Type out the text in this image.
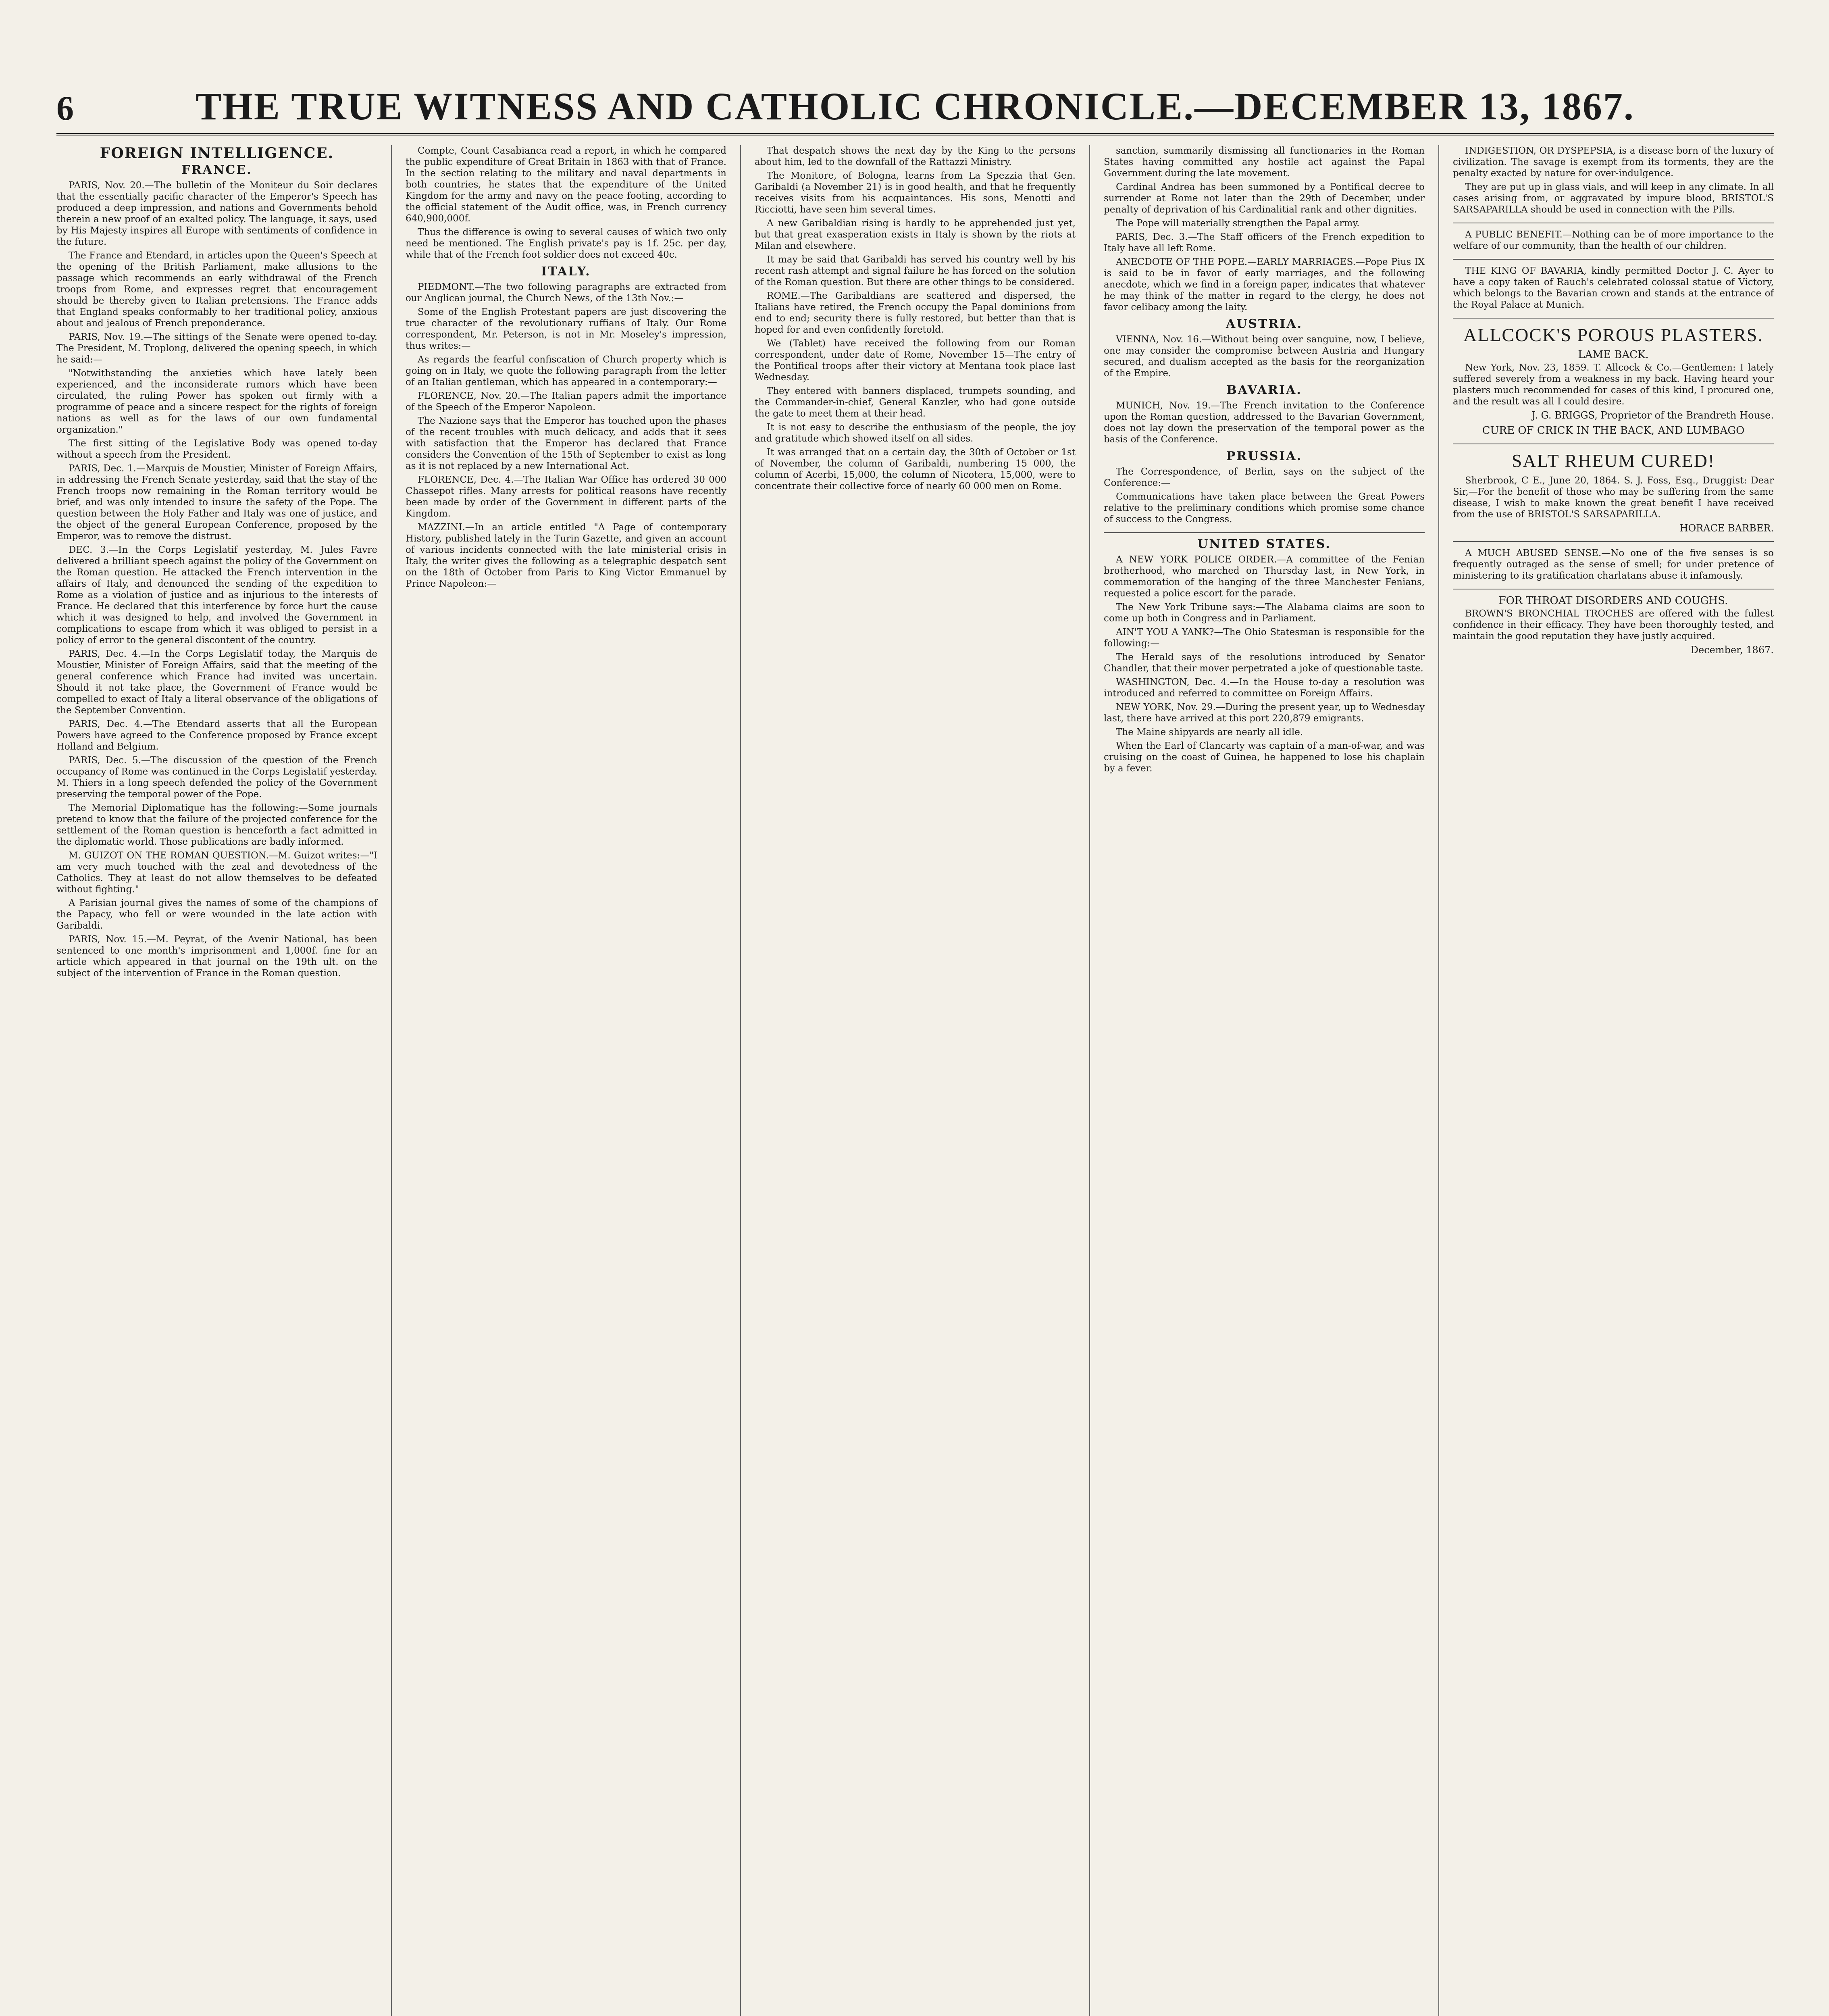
6	THE TRUE WITNESS AND CATHOLIC CHRONICLE.—DECEMBER 13, 1867.
FOREIGN INTELLIGENCE.
FRANCE.

PARIS, Nov. 20.—The bulletin of the Moniteur du Soir declares that the essentially pacific character of the Emperor's Speech has produced a deep impression, and nations and Governments behold therein a new proof of an exalted policy. The language, it says, used by His Majesty inspires all Europe with sentiments of confidence in the future.

The France and Etendard, in articles upon the Queen's Speech at the opening of the British Parliament, make allusions to the passage which recommends an early withdrawal of the French troops from Rome, and expresses regret that encouragement should be thereby given to Italian pretensions. The France adds that England speaks conformably to her traditional policy, anxious about and jealous of French preponderance.

PARIS, Nov. 19.—The sittings of the Senate were opened to-day. The President, M. Troplong, delivered the opening speech, in which he said:—

"Notwithstanding the anxieties which have lately been experienced, and the inconsiderate rumors which have been circulated, the ruling Power has spoken out firmly with a programme of peace and a sincere respect for the rights of foreign nations as well as for the laws of our own fundamental organization."

The first sitting of the Legislative Body was opened to-day without a speech from the President.

PARIS, Dec. 1.—Marquis de Moustier, Minister of Foreign Affairs, in addressing the French Senate yesterday, said that the stay of the French troops now remaining in the Roman territory would be brief, and was only intended to insure the safety of the Pope. The question between the Holy Father and Italy was one of justice, and the object of the general European Conference, proposed by the Emperor, was to remove the distrust.

DEC. 3.—In the Corps Legislatif yesterday, M. Jules Favre delivered a brilliant speech against the policy of the Government on the Roman question. He attacked the French intervention in the affairs of Italy, and denounced the sending of the expedition to Rome as a violation of justice and as injurious to the interests of France. He declared that this interference by force hurt the cause which it was designed to help, and involved the Government in complications to escape from which it was obliged to persist in a policy of error to the general discontent of the country.

PARIS, Dec. 4.—In the Corps Legislatif today, the Marquis de Moustier, Minister of Foreign Affairs, said that the meeting of the general conference which France had invited was uncertain. Should it not take place, the Government of France would be compelled to exact of Italy a literal observance of the obligations of the September Convention.

PARIS, Dec. 4.—The Etendard asserts that all the European Powers have agreed to the Conference proposed by France except Holland and Belgium.

PARIS, Dec. 5.—The discussion of the question of the French occupancy of Rome was continued in the Corps Legislatif yesterday. M. Thiers in a long speech defended the policy of the Government preserving the temporal power of the Pope.

The Memorial Diplomatique has the following:—Some journals pretend to know that the failure of the projected conference for the settlement of the Roman question is henceforth a fact admitted in the diplomatic world. Those publications are badly informed.

M. GUIZOT ON THE ROMAN QUESTION.—M. Guizot writes:—"I am very much touched with the zeal and devotedness of the Catholics. They at least do not allow themselves to be defeated without fighting."

A Parisian journal gives the names of some of the champions of the Papacy, who fell or were wounded in the late action with Garibaldi.

PARIS, Nov. 15.—M. Peyrat, of the Avenir National, has been sentenced to one month's imprisonment and 1,000f. fine for an article which appeared in that journal on the 19th ult. on the subject of the intervention of France in the Roman question.

Compte, Count Casabianca read a report, in which he compared the public expenditure of Great Britain in 1863 with that of France. In the section relating to the military and naval departments in both countries, he states that the expenditure of the United Kingdom for the army and navy on the peace footing, according to the official statement of the Audit office, was, in French currency 640,900,000f.

Thus the difference is owing to several causes of which two only need be mentioned. The English private's pay is 1f. 25c. per day, while that of the French foot soldier does not exceed 40c.

ITALY.

PIEDMONT.—The two following paragraphs are extracted from our Anglican journal, the Church News, of the 13th Nov.:—

Some of the English Protestant papers are just discovering the true character of the revolutionary ruffians of Italy. Our Rome correspondent, Mr. Peterson, is not in Mr. Moseley's impression, thus writes:—

As regards the fearful confiscation of Church property which is going on in Italy, we quote the following paragraph from the letter of an Italian gentleman, which has appeared in a contemporary:—

FLORENCE, Nov. 20.—The Italian papers admit the importance of the Speech of the Emperor Napoleon.

The Nazione says that the Emperor has touched upon the phases of the recent troubles with much delicacy, and adds that it sees with satisfaction that the Emperor has declared that France considers the Convention of the 15th of September to exist as long as it is not replaced by a new International Act.

FLORENCE, Dec. 4.—The Italian War Office has ordered 30 000 Chassepot rifles. Many arrests for political reasons have recently been made by order of the Government in different parts of the Kingdom.

MAZZINI.—In an article entitled "A Page of contemporary History, published lately in the Turin Gazette, and given an account of various incidents connected with the late ministerial crisis in Italy, the writer gives the following as a telegraphic despatch sent on the 18th of October from Paris to King Victor Emmanuel by Prince Napoleon:—

That despatch shows the next day by the King to the persons about him, led to the downfall of the Rattazzi Ministry.

The Monitore, of Bologna, learns from La Spezzia that Gen. Garibaldi (a November 21) is in good health, and that he frequently receives visits from his acquaintances. His sons, Menotti and Ricciotti, have seen him several times.

A new Garibaldian rising is hardly to be apprehended just yet, but that great exasperation exists in Italy is shown by the riots at Milan and elsewhere.

It may be said that Garibaldi has served his country well by his recent rash attempt and signal failure he has forced on the solution of the Roman question. But there are other things to be considered.

ROME.—The Garibaldians are scattered and dispersed, the Italians have retired, the French occupy the Papal dominions from end to end; security there is fully restored, but better than that is hoped for and even confidently foretold.

We (Tablet) have received the following from our Roman correspondent, under date of Rome, November 15—The entry of the Pontifical troops after their victory at Mentana took place last Wednesday.

They entered with banners displaced, trumpets sounding, and the Commander-in-chief, General Kanzler, who had gone outside the gate to meet them at their head.

It is not easy to describe the enthusiasm of the people, the joy and gratitude which showed itself on all sides.

It was arranged that on a certain day, the 30th of October or 1st of November, the column of Garibaldi, numbering 15 000, the column of Acerbi, 15,000, the column of Nicotera, 15,000, were to concentrate their collective force of nearly 60 000 men on Rome.

sanction, summarily dismissing all functionaries in the Roman States having committed any hostile act against the Papal Government during the late movement.

Cardinal Andrea has been summoned by a Pontifical decree to surrender at Rome not later than the 29th of December, under penalty of deprivation of his Cardinalitial rank and other dignities.

The Pope will materially strengthen the Papal army.

PARIS, Dec. 3.—The Staff officers of the French expedition to Italy have all left Rome.

ANECDOTE OF THE POPE.—EARLY MARRIAGES.—Pope Pius IX is said to be in favor of early marriages, and the following anecdote, which we find in a foreign paper, indicates that whatever he may think of the matter in regard to the clergy, he does not favor celibacy among the laity.

AUSTRIA.

VIENNA, Nov. 16.—Without being over sanguine, now, I believe, one may consider the compromise between Austria and Hungary secured, and dualism accepted as the basis for the reorganization of the Empire.

BAVARIA.

MUNICH, Nov. 19.—The French invitation to the Conference upon the Roman question, addressed to the Bavarian Government, does not lay down the preservation of the temporal power as the basis of the Conference.

PRUSSIA.

The Correspondence, of Berlin, says on the subject of the Conference:—

Communications have taken place between the Great Powers relative to the preliminary conditions which promise some chance of success to the Congress.

UNITED STATES.

A NEW YORK POLICE ORDER.—A committee of the Fenian brotherhood, who marched on Thursday last, in New York, in commemoration of the hanging of the three Manchester Fenians, requested a police escort for the parade.

The New York Tribune says:—The Alabama claims are soon to come up both in Congress and in Parliament.

AIN'T YOU A YANK?—The Ohio Statesman is responsible for the following:—

The Herald says of the resolutions introduced by Senator Chandler, that their mover perpetrated a joke of questionable taste.

WASHINGTON, Dec. 4.—In the House to-day a resolution was introduced and referred to committee on Foreign Affairs.

NEW YORK, Nov. 29.—During the present year, up to Wednesday last, there have arrived at this port 220,879 emigrants.

The Maine shipyards are nearly all idle.

When the Earl of Clancarty was captain of a man-of-war, and was cruising on the coast of Guinea, he happened to lose his chaplain by a fever.

INDIGESTION, OR DYSPEPSIA, is a disease born of the luxury of civilization. The savage is exempt from its torments, they are the penalty exacted by nature for over-indulgence.

They are put up in glass vials, and will keep in any climate. In all cases arising from, or aggravated by impure blood, BRISTOL'S SARSAPARILLA should be used in connection with the Pills.

A PUBLIC BENEFIT.—Nothing can be of more importance to the welfare of our community, than the health of our children.

THE KING OF BAVARIA, kindly permitted Doctor J. C. Ayer to have a copy taken of Rauch's celebrated colossal statue of Victory, which belongs to the Bavarian crown and stands at the entrance of the Royal Palace at Munich.

ALLCOCK'S POROUS PLASTERS.
LAME BACK.

New York, Nov. 23, 1859. T. Allcock & Co.—Gentlemen: I lately suffered severely from a weakness in my back. Having heard your plasters much recommended for cases of this kind, I procured one, and the result was all I could desire.

J. G. BRIGGS, Proprietor of the Brandreth House.
CURE OF CRICK IN THE BACK, AND LUMBAGO
SALT RHEUM CURED!

Sherbrook, C E., June 20, 1864. S. J. Foss, Esq., Druggist: Dear Sir,—For the benefit of those who may be suffering from the same disease, I wish to make known the great benefit I have received from the use of BRISTOL'S SARSAPARILLA.

HORACE BARBER.

A MUCH ABUSED SENSE.—No one of the five senses is so frequently outraged as the sense of smell; for under pretence of ministering to its gratification charlatans abuse it infamously.

FOR THROAT DISORDERS AND COUGHS.

BROWN'S BRONCHIAL TROCHES are offered with the fullest confidence in their efficacy. They have been thoroughly tested, and maintain the good reputation they have justly acquired.

December, 1867.
